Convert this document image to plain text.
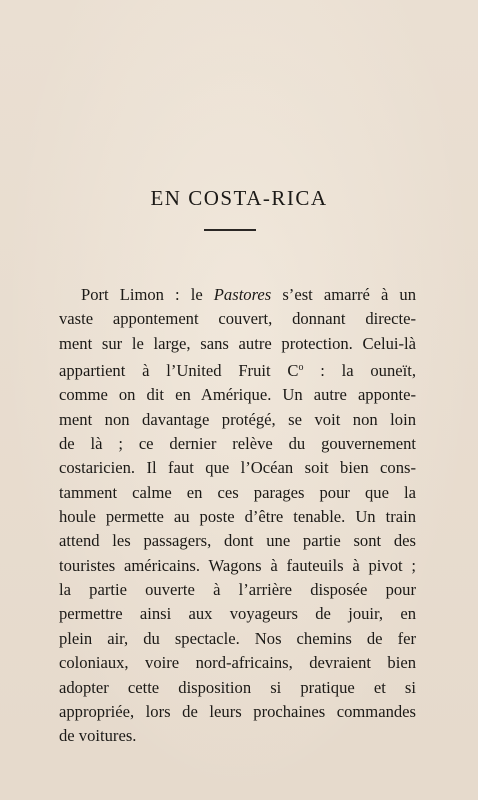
EN COSTA-RICA
Port Limon : le Pastores s’est amarré à un
vaste appontement couvert, donnant directe-
ment sur le large, sans autre protection. Celui-là
appartient à l’United Fruit $C^o$ : la ouneït,
comme on dit en Amérique. Un autre apponte-
ment non davantage protégé, se voit non loin
de là ; ce dernier relève du gouvernement
costaricien. Il faut que l’Océan soit bien cons-
tamment calme en ces parages pour que la
houle permette au poste d’être tenable. Un train
attend les passagers, dont une partie sont des
touristes américains. Wagons à fauteuils à pivot ;
la partie ouverte à l’arrière disposée pour
permettre ainsi aux voyageurs de jouir, en
plein air, du spectacle. Nos chemins de fer
coloniaux, voire nord-africains, devraient bien
adopter cette disposition si pratique et si
appropriée, lors de leurs prochaines commandes
de voitures.
